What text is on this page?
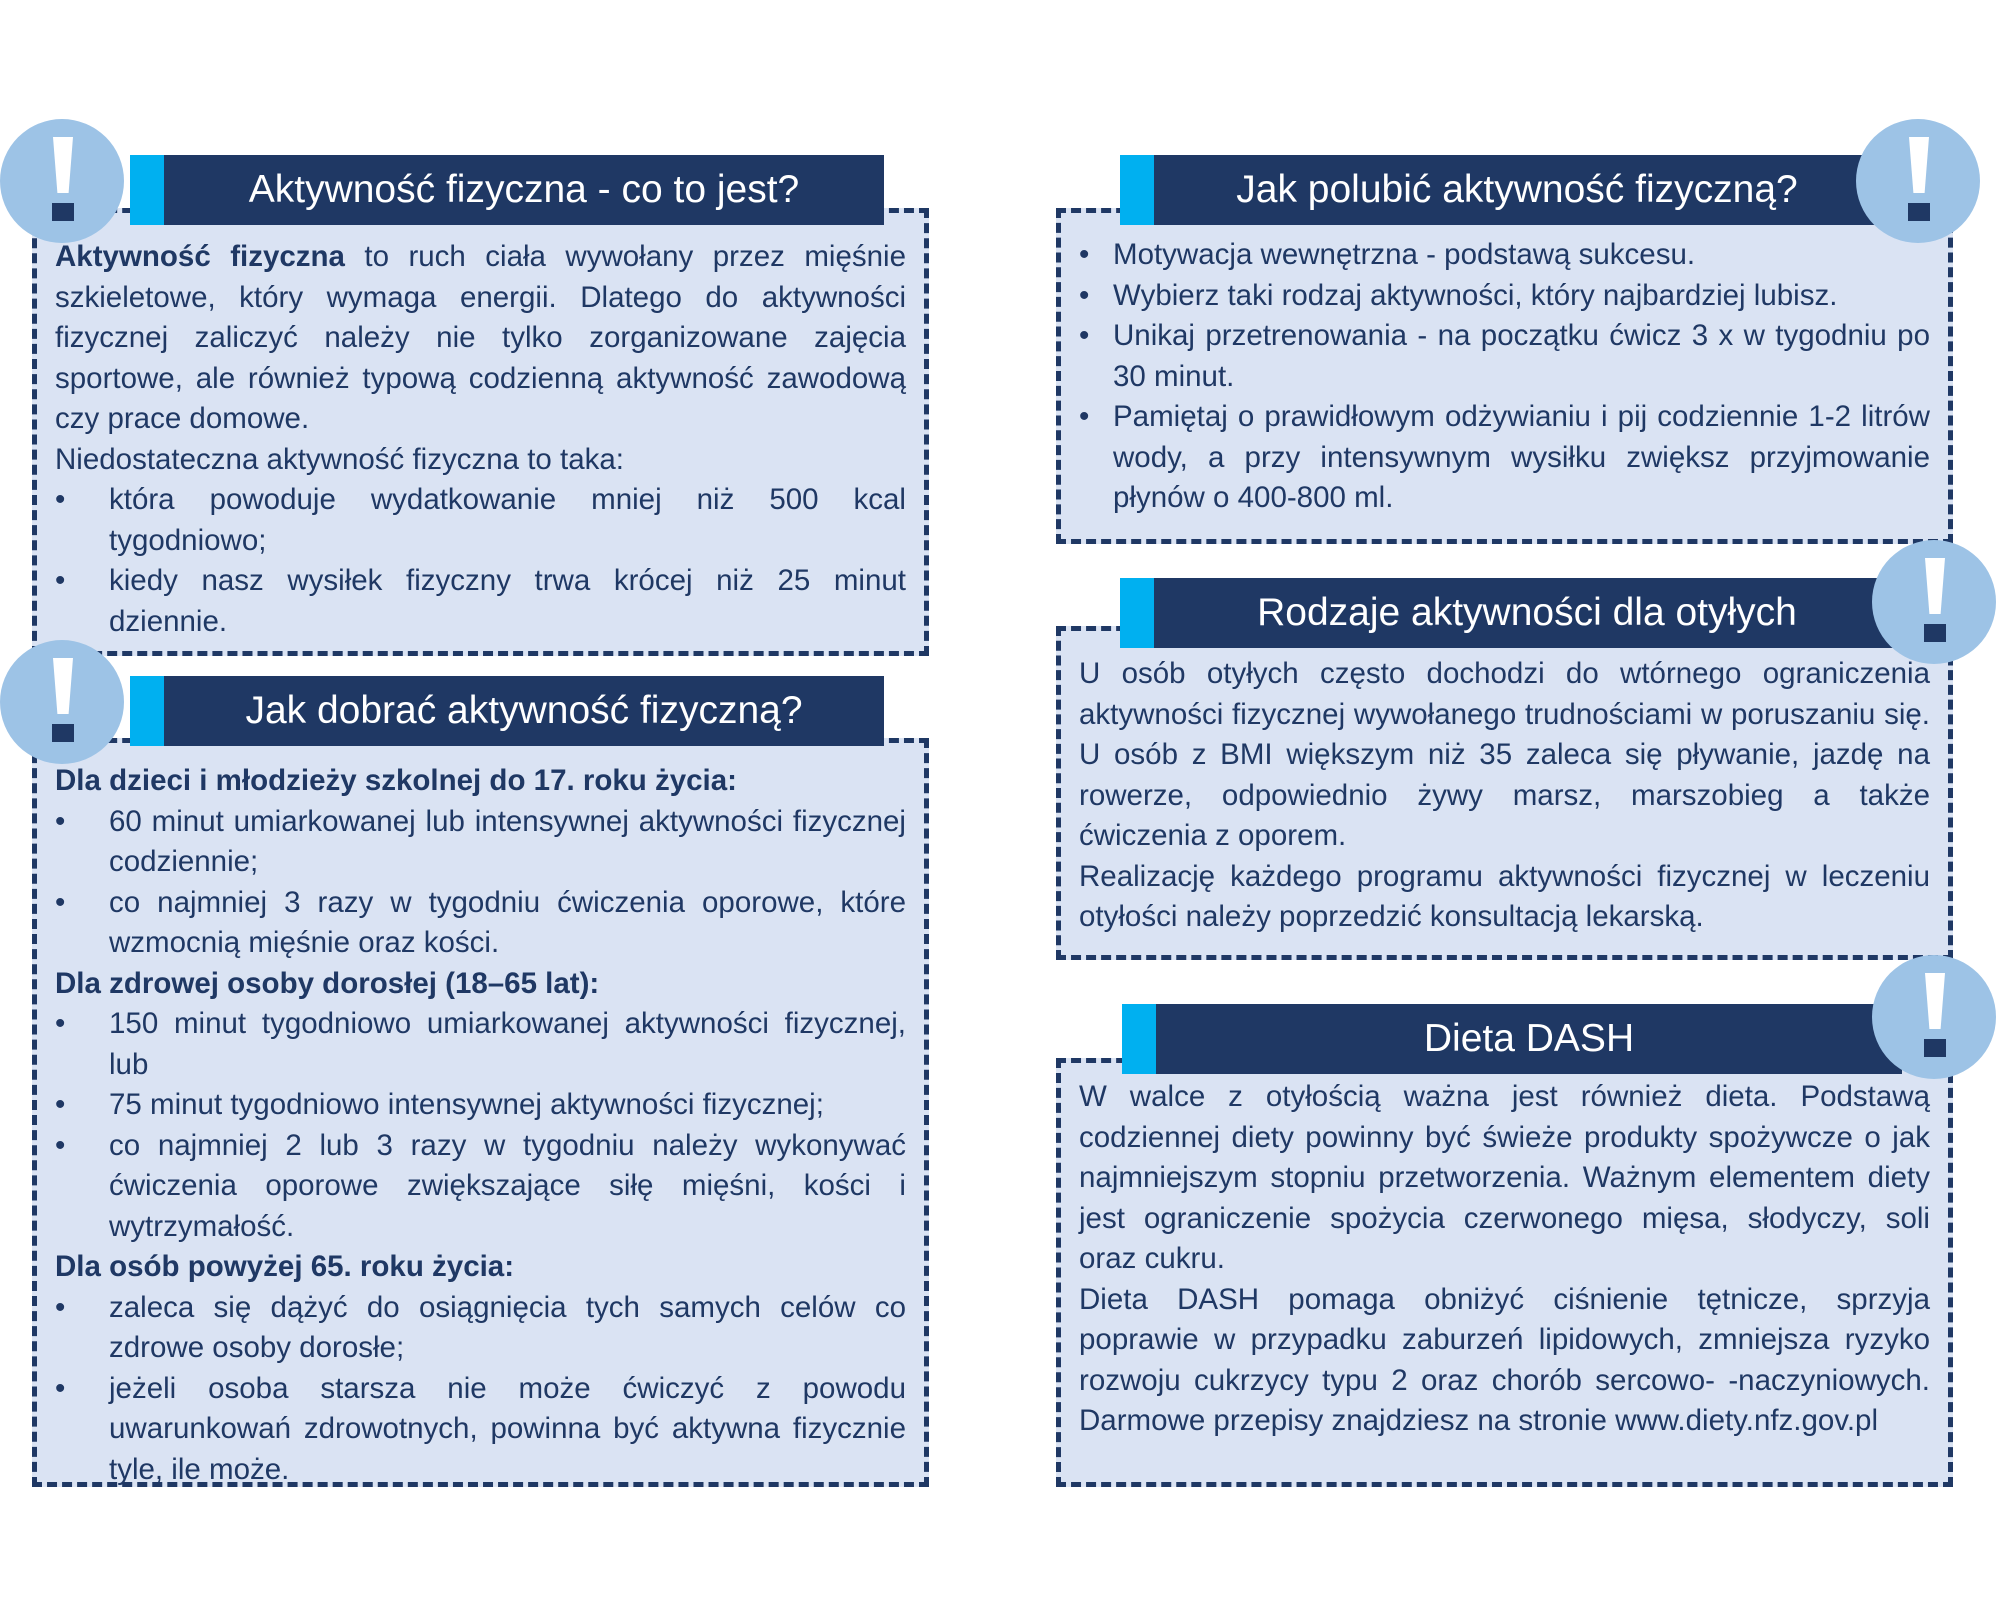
Aktywność fizyczna to ruch ciała wywołany przez mięśnie szkieletowe, który wymaga energii. Dlatego do aktywności fizycznej zaliczyć należy nie tylko zorganizowane zajęcia sportowe, ale również typową codzienną aktywność zawodową czy prace domowe.

Niedostateczna aktywność fizyczna to taka:

• która powoduje wydatkowanie mniej niż 500 kcal tygodniowo;
• kiedy nasz wysiłek fizyczny trwa krócej niż 25 minut dziennie.
Aktywność fizyczna - co to jest?

Dla dzieci i młodzieży szkolnej do 17. roku życia:

• 60 minut umiarkowanej lub intensywnej aktywności fizycznej codziennie;
• co najmniej 3 razy w tygodniu ćwiczenia oporowe, które wzmocnią mięśnie oraz kości.

Dla zdrowej osoby dorosłej (18–65 lat):

• 150 minut tygodniowo umiarkowanej aktywności fizycznej, lub
• 75 minut tygodniowo intensywnej aktywności fizycznej;
• co najmniej 2 lub 3 razy w tygodniu należy wykonywać ćwiczenia oporowe zwiększające siłę mięśni, kości i wytrzymałość.

Dla osób powyżej 65. roku życia:

• zaleca się dążyć do osiągnięcia tych samych celów co zdrowe osoby dorosłe;
• jeżeli osoba starsza nie może ćwiczyć z powodu uwarunkowań zdrowotnych, powinna być aktywna fizycznie tyle, ile może.
Jak dobrać aktywność fizyczną?
• Motywacja wewnętrzna - podstawą sukcesu.
• Wybierz taki rodzaj aktywności, który najbardziej lubisz.
• Unikaj przetrenowania - na początku ćwicz 3 x w tygodniu po 30 minut.
• Pamiętaj o prawidłowym odżywianiu i pij codziennie 1-2 litrów wody, a przy intensywnym wysiłku zwiększ przyjmowanie płynów o 400-800 ml.
Jak polubić aktywność fizyczną?

U osób otyłych często dochodzi do wtórnego ograniczenia aktywności fizycznej wywołanego trudnościami w poruszaniu się. U osób z BMI większym niż 35 zaleca się pływanie, jazdę na rowerze, odpowiednio żywy marsz, marszobieg a także ćwiczenia z oporem.

Realizację każdego programu aktywności fizycznej w leczeniu otyłości należy poprzedzić konsultacją lekarską.

Rodzaje aktywności dla otyłych

W walce z otyłością ważna jest również dieta. Podstawą codziennej diety powinny być świeże produkty spożywcze o jak najmniejszym stopniu przetworzenia. Ważnym elementem diety jest ograniczenie spożycia czerwonego mięsa, słodyczy, soli oraz cukru.

Dieta DASH pomaga obniżyć ciśnienie tętnicze, sprzyja poprawie w przypadku zaburzeń lipidowych, zmniejsza ryzyko rozwoju cukrzycy typu 2 oraz chorób sercowo- -naczyniowych. Darmowe przepisy znajdziesz na stronie www.diety.nfz.gov.pl

Dieta DASH
